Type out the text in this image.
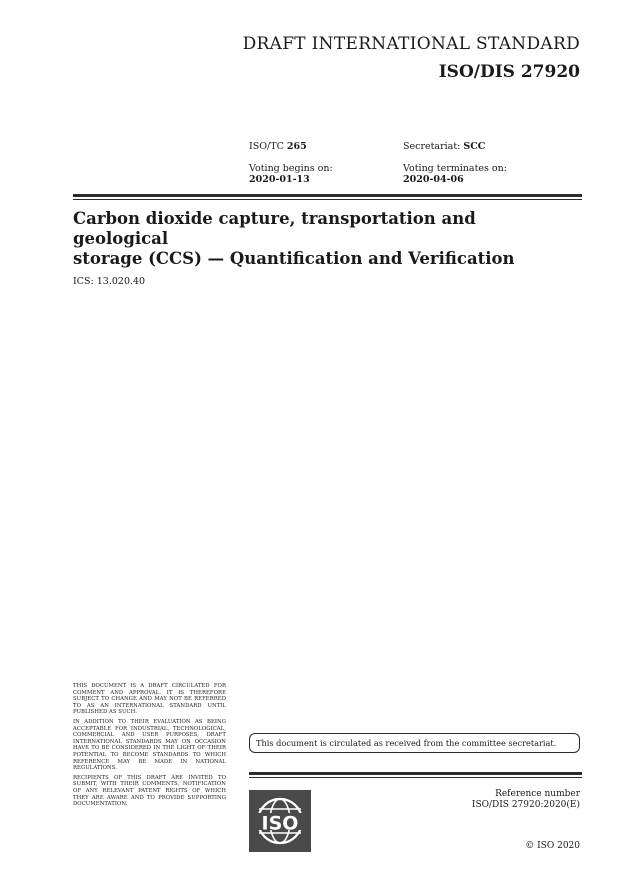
DRAFT INTERNATIONAL STANDARD
ISO/DIS 27920
ISO/TC 265	Secretariat: SCC
Voting begins on:
2020-01-13
Voting terminates on:
2020-04-06
Carbon dioxide capture, transportation and geological
storage (CCS) — Quantification and Verification
ICS: 13.020.40

THIS DOCUMENT IS A DRAFT CIRCULATED FOR COMMENT AND APPROVAL. IT IS THEREFORE SUBJECT TO CHANGE AND MAY NOT BE REFERRED TO AS AN INTERNATIONAL STANDARD UNTIL PUBLISHED AS SUCH.

IN ADDITION TO THEIR EVALUATION AS BEING ACCEPTABLE FOR INDUSTRIAL, TECHNOLOGICAL, COMMERCIAL AND USER PURPOSES, DRAFT INTERNATIONAL STANDARDS MAY ON OCCASION HAVE TO BE CONSIDERED IN THE LIGHT OF THEIR POTENTIAL TO BECOME STANDARDS TO WHICH REFERENCE MAY BE MADE IN NATIONAL REGULATIONS.

RECIPIENTS OF THIS DRAFT ARE INVITED TO SUBMIT, WITH THEIR COMMENTS, NOTIFICATION OF ANY RELEVANT PATENT RIGHTS OF WHICH THEY ARE AWARE AND TO PROVIDE SUPPORTING DOCUMENTATION.

This document is circulated as received from the committee secretariat.
ISO
Reference number
ISO/DIS 27920:2020(E)
© ISO 2020
